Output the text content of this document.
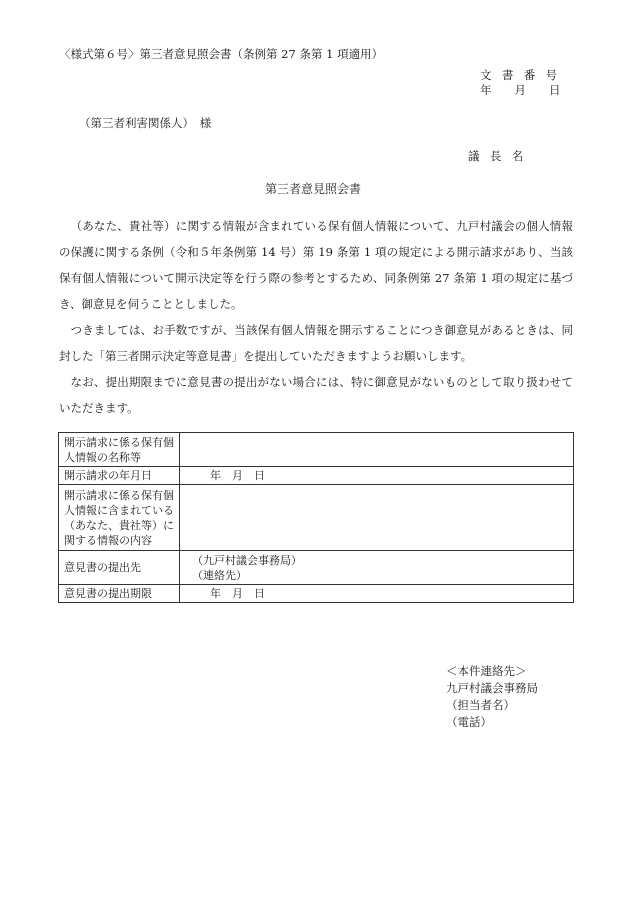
〈様式第６号〉第三者意見照会書（条例第 27 条第 1 項適用）
文書番号
年　　月　　日
（第三者利害関係人）　様
議長名
第三者意見照会書

（あなた、貴社等）に関する情報が含まれている保有個人情報について、九戸村議会の個人情報の保護に関する条例（令和５年条例第 14 号）第 19 条第 1 項の規定による開示請求があり、当該保有個人情報について開示決定等を行う際の参考とするため、同条例第 27 条第 1 項の規定に基づき、御意見を伺うこととしました。

つきましては、お手数ですが、当該保有個人情報を開示することにつき御意見があるときは、同封した「第三者開示決定等意見書」を提出していただきますようお願いします。

なお、提出期限までに意見書の提出がない場合には、特に御意見がないものとして取り扱わせていただきます。

開示請求に係る保有個人情報の名称等	
開示請求の年月日	年　月　日
開示請求に係る保有個人情報に含まれている（あなた、貴社等）に関する情報の内容	
意見書の提出先	（九戸村議会事務局）
（連絡先）

意見書の提出期限	年　月　日
＜本件連絡先＞
九戸村議会事務局
（担当者名）
（電話）
